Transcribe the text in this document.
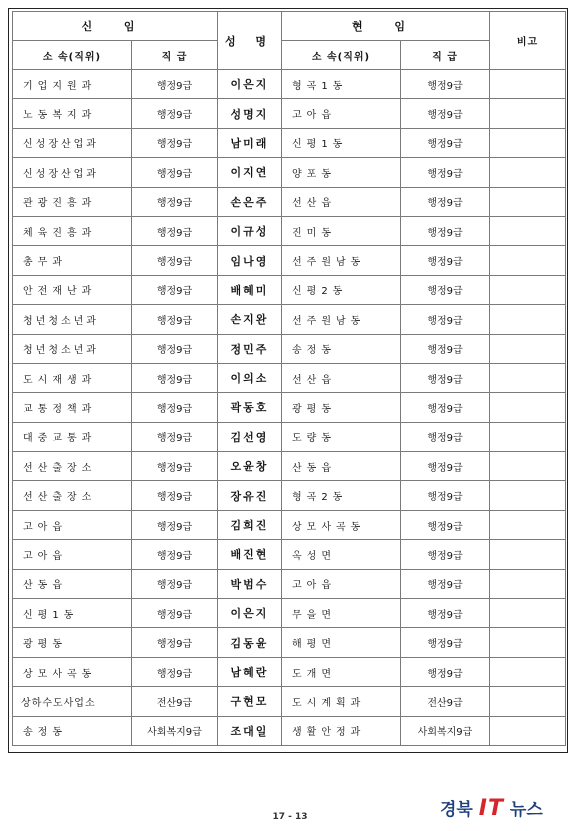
신 임		성 명	현 임		비고
소 속(직위)	직 급		소 속(직위)	직 급	
기업지원과	행정9급	이은지	형곡1동	행정9급	
노동복지과	행정9급	성명지	고아읍	행정9급	
신성장산업과	행정9급	남미래	신평1동	행정9급	
신성장산업과	행정9급	이지연	양포동	행정9급	
관광진흥과	행정9급	손은주	선산읍	행정9급	
체육진흥과	행정9급	이규성	진미동	행정9급	
총무과	행정9급	임나영	선주원남동	행정9급	
안전재난과	행정9급	배혜미	신평2동	행정9급	
청년청소년과	행정9급	손지완	선주원남동	행정9급	
청년청소년과	행정9급	정민주	송정동	행정9급	
도시재생과	행정9급	이의소	선산읍	행정9급	
교통정책과	행정9급	곽동호	광평동	행정9급	
대중교통과	행정9급	김선영	도량동	행정9급	
선산출장소	행정9급	오윤창	산동읍	행정9급	
선산출장소	행정9급	장유진	형곡2동	행정9급	
고아읍	행정9급	김희진	상모사곡동	행정9급	
고아읍	행정9급	배진현	옥성면	행정9급	
산동읍	행정9급	박범수	고아읍	행정9급	
신평1동	행정9급	이은지	무을면	행정9급	
광평동	행정9급	김동윤	해평면	행정9급	
상모사곡동	행정9급	남혜란	도개면	행정9급	
상하수도사업소	전산9급	구현모	도시계획과	전산9급	
송정동	사회복지9급	조대일	생활안정과	사회복지9급	
17 - 13	경북 IT 뉴스
